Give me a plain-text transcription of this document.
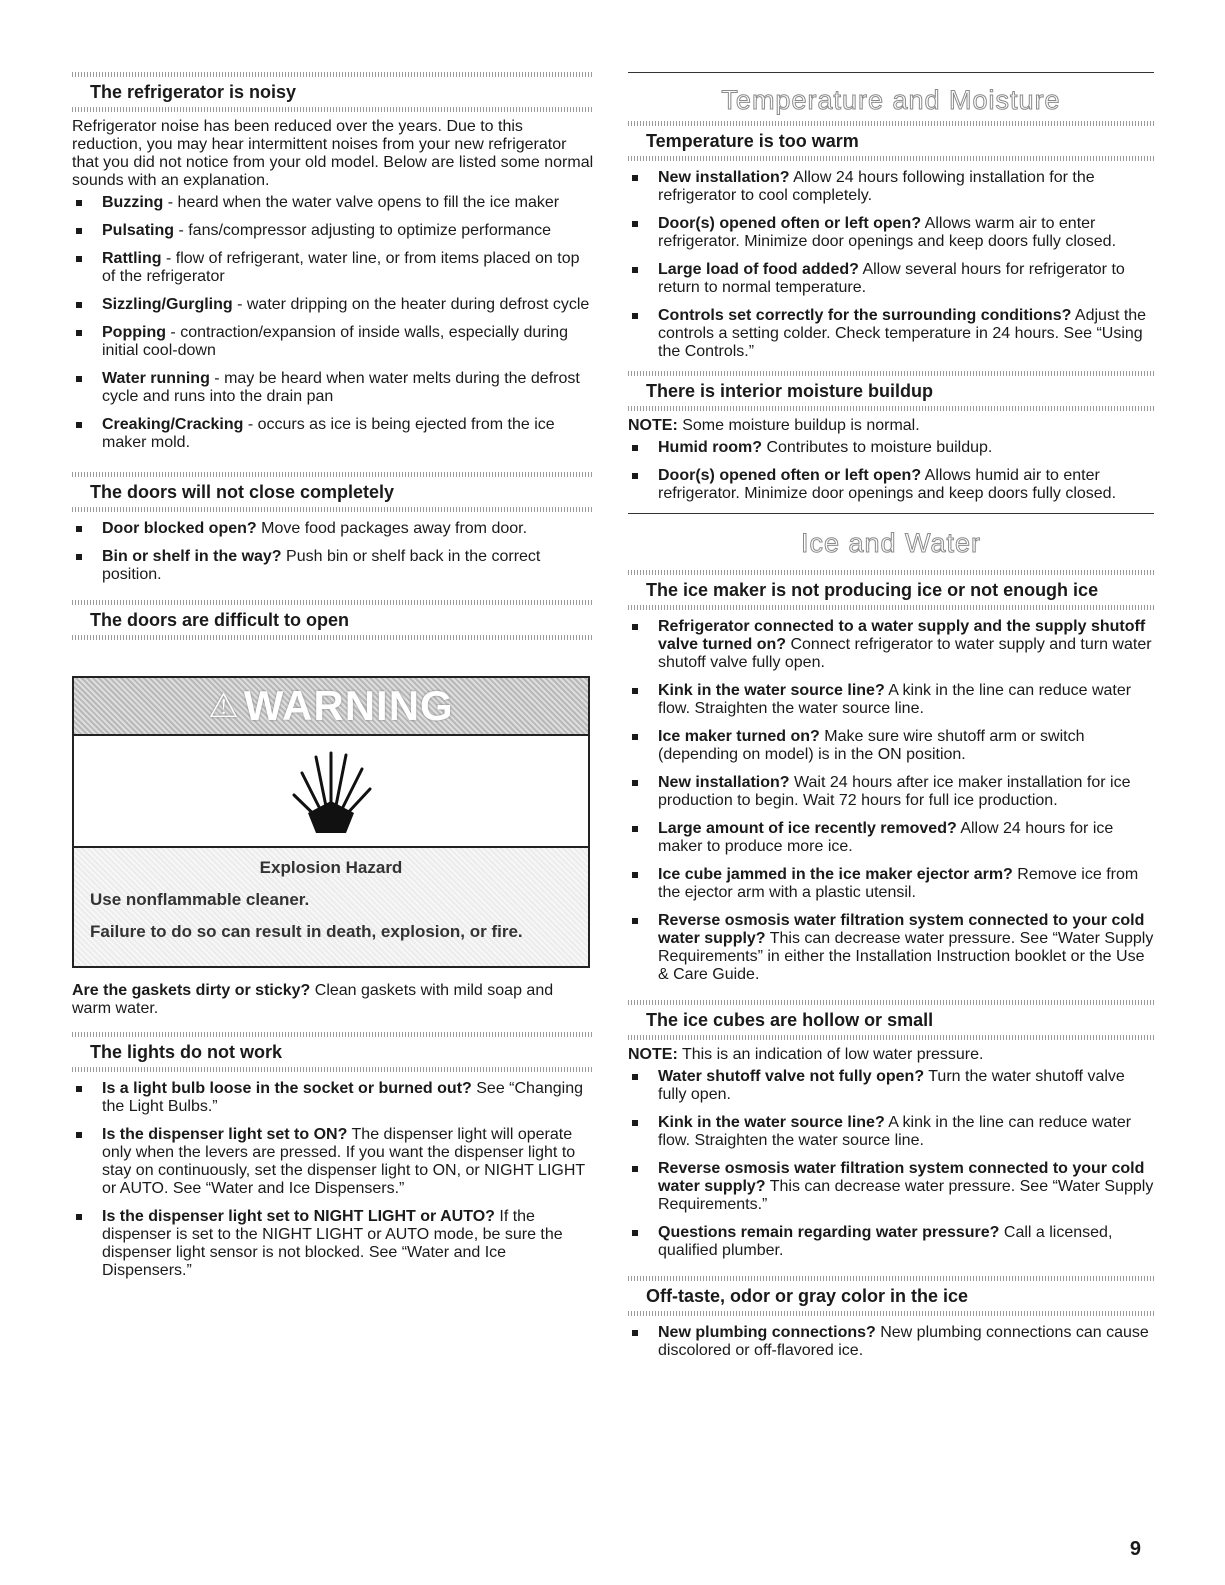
The refrigerator is noisy

Refrigerator noise has been reduced over the years. Due to this reduction, you may hear intermittent noises from your new refrigerator that you did not notice from your old model. Below are listed some normal sounds with an explanation.

Buzzing - heard when the water valve opens to fill the ice maker
Pulsating - fans/compressor adjusting to optimize performance
Rattling - flow of refrigerant, water line, or from items placed on top of the refrigerator
Sizzling/Gurgling - water dripping on the heater during defrost cycle
Popping - contraction/expansion of inside walls, especially during initial cool-down
Water running - may be heard when water melts during the defrost cycle and runs into the drain pan
Creaking/Cracking - occurs as ice is being ejected from the ice maker mold.
The doors will not close completely
Door blocked open? Move food packages away from door.
Bin or shelf in the way? Push bin or shelf back in the correct position.
The doors are difficult to open
⚠ WARNING

Explosion Hazard

Use nonflammable cleaner.

Failure to do so can result in death, explosion, or fire.

Are the gaskets dirty or sticky? Clean gaskets with mild soap and warm water.

The lights do not work
Is a light bulb loose in the socket or burned out? See “Changing the Light Bulbs.”
Is the dispenser light set to ON? The dispenser light will operate only when the levers are pressed. If you want the dispenser light to stay on continuously, set the dispenser light to ON, or NIGHT LIGHT or AUTO. See “Water and Ice Dispensers.”
Is the dispenser light set to NIGHT LIGHT or AUTO? If the dispenser is set to the NIGHT LIGHT or AUTO mode, be sure the dispenser light sensor is not blocked. See “Water and Ice Dispensers.”
Temperature and Moisture
Temperature is too warm
New installation? Allow 24 hours following installation for the refrigerator to cool completely.
Door(s) opened often or left open? Allows warm air to enter refrigerator. Minimize door openings and keep doors fully closed.
Large load of food added? Allow several hours for refrigerator to return to normal temperature.
Controls set correctly for the surrounding conditions? Adjust the controls a setting colder. Check temperature in 24 hours. See “Using the Controls.”
There is interior moisture buildup

NOTE: Some moisture buildup is normal.

Humid room? Contributes to moisture buildup.
Door(s) opened often or left open? Allows humid air to enter refrigerator. Minimize door openings and keep doors fully closed.
Ice and Water
The ice maker is not producing ice or not enough ice
Refrigerator connected to a water supply and the supply shutoff valve turned on? Connect refrigerator to water supply and turn water shutoff valve fully open.
Kink in the water source line? A kink in the line can reduce water flow. Straighten the water source line.
Ice maker turned on? Make sure wire shutoff arm or switch (depending on model) is in the ON position.
New installation? Wait 24 hours after ice maker installation for ice production to begin. Wait 72 hours for full ice production.
Large amount of ice recently removed? Allow 24 hours for ice maker to produce more ice.
Ice cube jammed in the ice maker ejector arm? Remove ice from the ejector arm with a plastic utensil.
Reverse osmosis water filtration system connected to your cold water supply? This can decrease water pressure. See “Water Supply Requirements” in either the Installation Instruction booklet or the Use & Care Guide.
The ice cubes are hollow or small

NOTE: This is an indication of low water pressure.

Water shutoff valve not fully open? Turn the water shutoff valve fully open.
Kink in the water source line? A kink in the line can reduce water flow. Straighten the water source line.
Reverse osmosis water filtration system connected to your cold water supply? This can decrease water pressure. See “Water Supply Requirements.”
Questions remain regarding water pressure? Call a licensed, qualified plumber.
Off-taste, odor or gray color in the ice
New plumbing connections? New plumbing connections can cause discolored or off-flavored ice.
9
